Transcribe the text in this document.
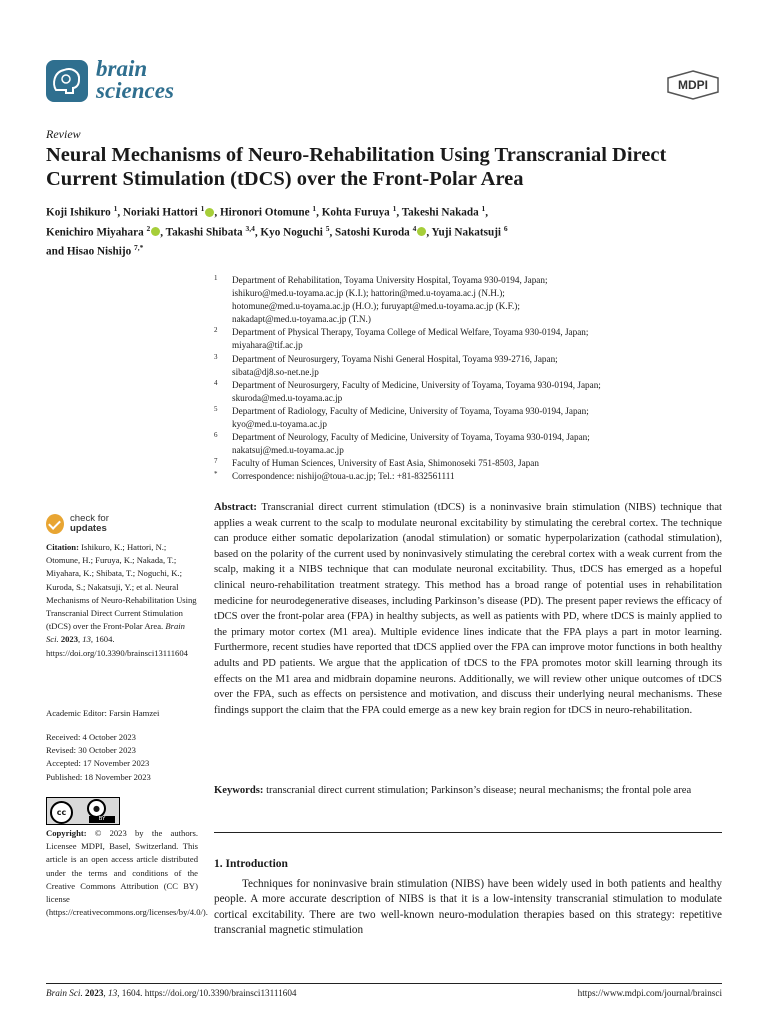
brain
sciences	MDPI
Review
Neural Mechanisms of Neuro-Rehabilitation Using Transcranial Direct Current Stimulation (tDCS) over the Front-Polar Area
Koji Ishikuro $^1$, Noriaki Hattori $^1$ , Hironori Otomune $^1$, Kohta Furuya $^1$, Takeshi Nakada $^1$,
Kenichiro Miyahara $^2$ , Takashi Shibata $^{3,4}$, Kyo Noguchi $^5$, Satoshi Kuroda $^4$ , Yuji Nakatsuji $^6$
and Hisao Nishijo $^{7,*}$
1 Department of Rehabilitation, Toyama University Hospital, Toyama 930-0194, Japan;
ishikuro@med.u-toyama.ac.jp (K.I.); hattorin@med.u-toyama.ac.j (N.H.);
hotomune@med.u-toyama.ac.jp (H.O.); furuyapt@med.u-toyama.ac.jp (K.F.);
nakadapt@med.u-toyama.ac.jp (T.N.)
2 Department of Physical Therapy, Toyama College of Medical Welfare, Toyama 930-0194, Japan;
miyahara@tif.ac.jp
3 Department of Neurosurgery, Toyama Nishi General Hospital, Toyama 939-2716, Japan;
sibata@dj8.so-net.ne.jp
4 Department of Neurosurgery, Faculty of Medicine, University of Toyama, Toyama 930-0194, Japan;
skuroda@med.u-toyama.ac.jp
5 Department of Radiology, Faculty of Medicine, University of Toyama, Toyama 930-0194, Japan;
kyo@med.u-toyama.ac.jp
6 Department of Neurology, Faculty of Medicine, University of Toyama, Toyama 930-0194, Japan;
nakatsuj@med.u-toyama.ac.jp
7 Faculty of Human Sciences, University of East Asia, Shimonoseki 751-8503, Japan
* Correspondence: nishijo@toua-u.ac.jp; Tel.: +81-832561111
check for
updates
Citation: Ishikuro, K.; Hattori, N.; Otomune, H.; Furuya, K.; Nakada, T.; Miyahara, K.; Shibata, T.; Noguchi, K.; Kuroda, S.; Nakatsuji, Y.; et al. Neural Mechanisms of Neuro-Rehabilitation Using Transcranial Direct Current Stimulation (tDCS) over the Front-Polar Area. Brain Sci. 2023, 13, 1604. https://doi.org/10.3390/brainsci13111604
Academic Editor: Farsin Hamzei
Received: 4 October 2023
Revised: 30 October 2023
Accepted: 17 November 2023
Published: 18 November 2023
cc	●
BY
Copyright: © 2023 by the authors. Licensee MDPI, Basel, Switzerland. This article is an open access article distributed under the terms and conditions of the Creative Commons Attribution (CC BY) license (https://creativecommons.org/licenses/by/4.0/).
Abstract: Transcranial direct current stimulation (tDCS) is a noninvasive brain stimulation (NIBS) technique that applies a weak current to the scalp to modulate neuronal excitability by stimulating the cerebral cortex. The technique can produce either somatic depolarization (anodal stimulation) or somatic hyperpolarization (cathodal stimulation), based on the polarity of the current used by noninvasively stimulating the cerebral cortex with a weak current from the scalp, making it a NIBS technique that can modulate neuronal excitability. Thus, tDCS has emerged as a hopeful clinical neuro-rehabilitation treatment strategy. This method has a broad range of potential uses in rehabilitation medicine for neurodegenerative diseases, including Parkinson’s disease (PD). The present paper reviews the efficacy of tDCS over the front-polar area (FPA) in healthy subjects, as well as patients with PD, where tDCS is mainly applied to the primary motor cortex (M1 area). Multiple evidence lines indicate that the FPA plays a part in motor learning. Furthermore, recent studies have reported that tDCS applied over the FPA can improve motor functions in both healthy adults and PD patients. We argue that the application of tDCS to the FPA promotes motor skill learning through its effects on the M1 area and midbrain dopamine neurons. Additionally, we will review other unique outcomes of tDCS over the FPA, such as effects on persistence and motivation, and discuss their underlying neural mechanisms. These findings support the claim that the FPA could emerge as a new key brain region for tDCS in neuro-rehabilitation.
Keywords: transcranial direct current stimulation; Parkinson’s disease; neural mechanisms; the frontal pole area
1. Introduction
Techniques for noninvasive brain stimulation (NIBS) have been widely used in both patients and healthy people. A more accurate description of NIBS is that it is a low-intensity transcranial stimulation to modulate cortical excitability. There are two well-known neuro-modulation therapies based on this strategy: repetitive transcranial magnetic stimulation
Brain Sci. 2023, 13, 1604. https://doi.org/10.3390/brainsci13111604	https://www.mdpi.com/journal/brainsci
